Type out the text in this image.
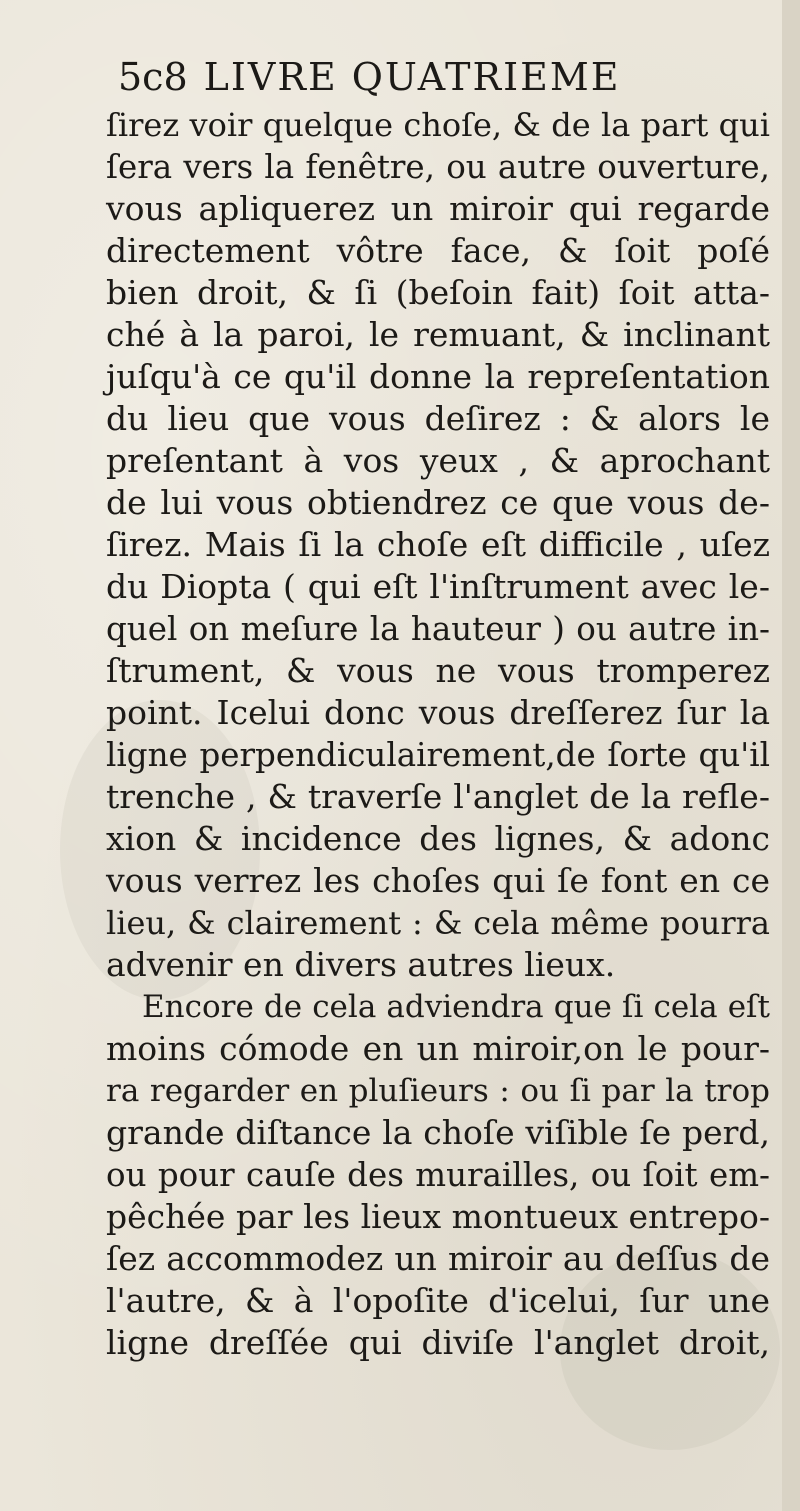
5c8 LIVRE QUATRIEME
ſirez voir quelque choſe, & de la part qui
ſera vers la fenêtre, ou autre ouverture,
vous apliquerez un miroir qui regarde
directement vôtre face, & ſoit poſé
bien droit, & ſi (beſoin fait) ſoit atta-
ché à la paroi, le remuant, & inclinant
juſqu'à ce qu'il donne la repreſentation
du lieu que vous deſirez : & alors le
preſentant à vos yeux , & aprochant
de lui vous obtiendrez ce que vous de-
ſirez. Mais ſi la choſe eſt difficile , uſez
du Diopta ( qui eſt l'inſtrument avec le-
quel on meſure la hauteur ) ou autre in-
ſtrument, & vous ne vous tromperez
point. Icelui donc vous dreſſerez ſur la
ligne perpendiculairement,de ſorte qu'il
trenche , & traverſe l'anglet de la refle-
xion & incidence des lignes, & adonc
vous verrez les choſes qui ſe font en ce
lieu, & clairement : & cela même pourra
advenir en divers autres lieux.
Encore de cela adviendra que ſi cela eſt
moins cómode en un miroir,on le pour-
ra regarder en pluſieurs : ou ſi par la trop
grande diſtance la choſe viſible ſe perd,
ou pour cauſe des murailles, ou ſoit em-
pêchée par les lieux montueux entrepo-
ſez accommodez un miroir au deſſus de
l'autre, & à l'opoſite d'icelui, ſur une
ligne dreſſée qui diviſe l'anglet droit,
